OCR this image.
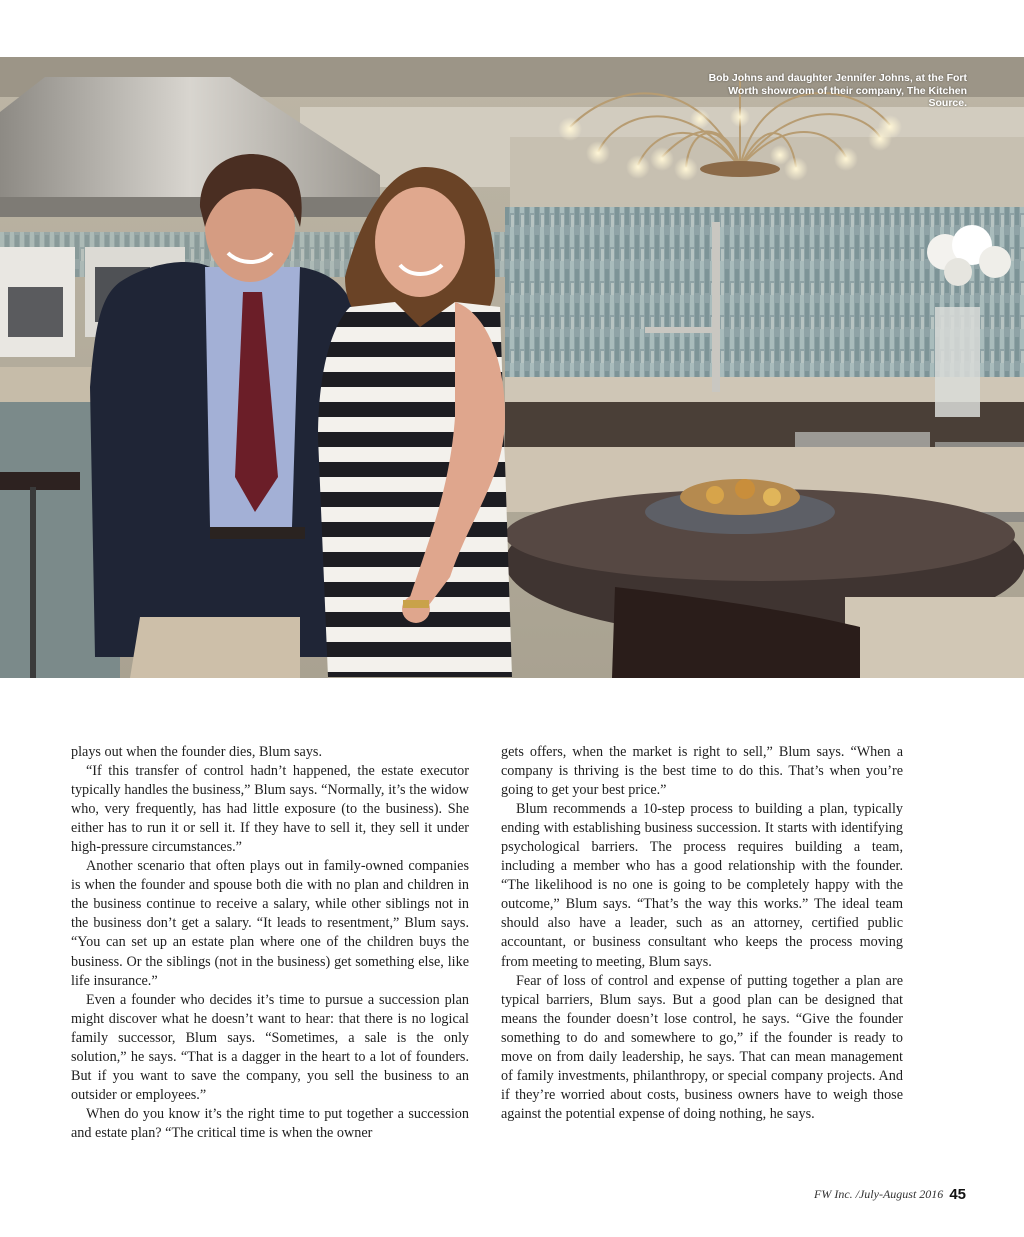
Bob Johns and daughter Jennifer Johns, at the Fort Worth showroom of their company, The Kitchen Source.

plays out when the founder dies, Blum says.

“If this transfer of control hadn’t happened, the estate executor typically handles the business,” Blum says. “Normally, it’s the widow who, very frequently, has had little exposure (to the business). She either has to run it or sell it. If they have to sell it, they sell it under high-pressure circumstances.”

Another scenario that often plays out in family-owned companies is when the founder and spouse both die with no plan and children in the business continue to receive a salary, while other siblings not in the business don’t get a salary. “It leads to resentment,” Blum says. “You can set up an estate plan where one of the children buys the business. Or the siblings (not in the business) get something else, like life insurance.”

Even a founder who decides it’s time to pursue a succession plan might discover what he doesn’t want to hear: that there is no logical family successor, Blum says. “Sometimes, a sale is the only solution,” he says. “That is a dagger in the heart to a lot of founders. But if you want to save the company, you sell the business to an outsider or employees.”

When do you know it’s the right time to put together a succession and estate plan? “The critical time is when the owner

gets offers, when the market is right to sell,” Blum says. “When a company is thriving is the best time to do this. That’s when you’re going to get your best price.”

Blum recommends a 10-step process to building a plan, typically ending with establishing business succession. It starts with identifying psychological barriers. The process requires building a team, including a member who has a good relationship with the founder. “The likelihood is no one is going to be completely happy with the outcome,” Blum says. “That’s the way this works.” The ideal team should also have a leader, such as an attorney, certified public accountant, or business consultant who keeps the process moving from meeting to meeting, Blum says.

Fear of loss of control and expense of putting together a plan are typical barriers, Blum says. But a good plan can be designed that means the founder doesn’t lose control, he says. “Give the founder something to do and somewhere to go,” if the founder is ready to move on from daily leadership, he says. That can mean management of family investments, philanthropy, or special company projects. And if they’re worried about costs, business owners have to weigh those against the potential expense of doing nothing, he says.

FW Inc. /July-August 2016 45
